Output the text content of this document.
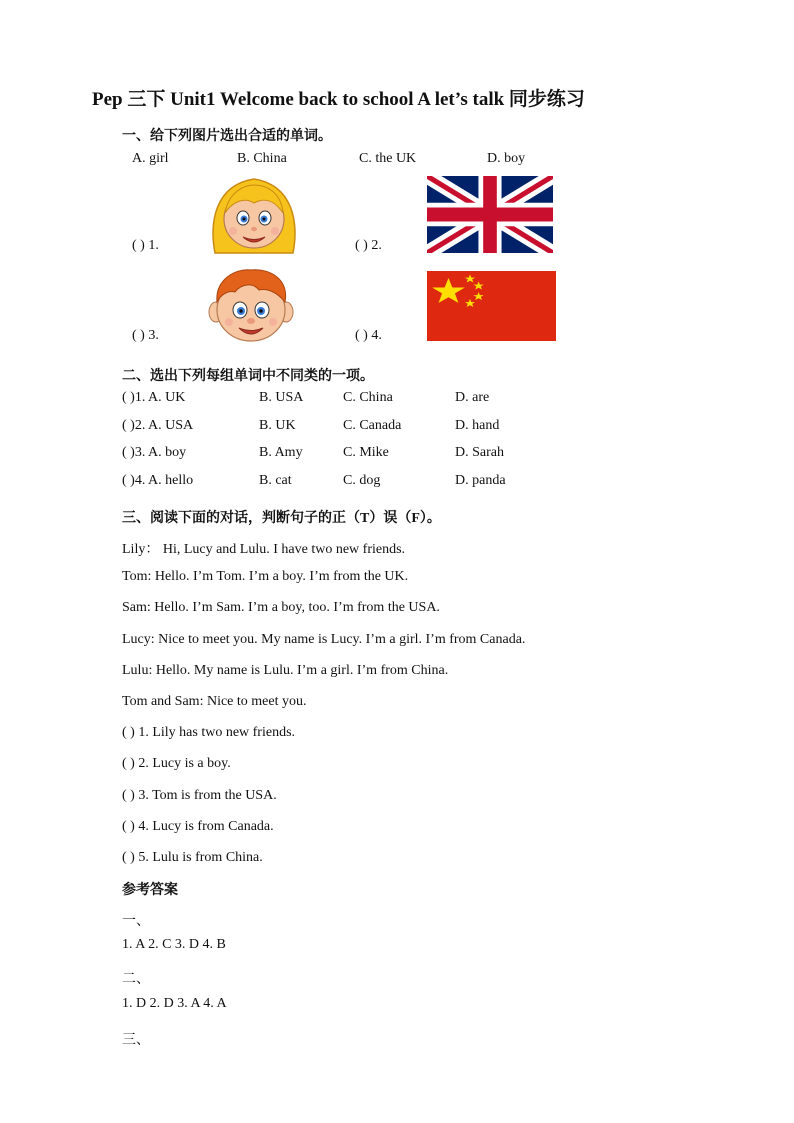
Pep 三下 Unit1 Welcome back to school A let’s talk 同步练习
一、给下列图片选出合适的单词。
A. girl	B. China	C. the UK	D. boy
( ) 1.	( ) 2.
( ) 3.	( ) 4.
二、选出下列每组单词中不同类的一项。
( )1. A. UK	B. USA	C. China	D. are
( )2. A. USA	B. UK	C. Canada	D. hand
( )3. A. boy	B. Amy	C. Mike	D. Sarah
( )4. A. hello	B. cat	C. dog	D. panda
三、阅读下面的对话，判断句子的正（T）误（F）。
Lily： Hi, Lucy and Lulu. I have two new friends.
Tom: Hello. I’m Tom. I’m a boy. I’m from the UK.
Sam: Hello. I’m Sam. I’m a boy, too. I’m from the USA.
Lucy: Nice to meet you. My name is Lucy. I’m a girl. I’m from Canada.
Lulu: Hello. My name is Lulu. I’m a girl. I’m from China.
Tom and Sam: Nice to meet you.
( ) 1. Lily has two new friends.
( ) 2. Lucy is a boy.
( ) 3. Tom is from the USA.
( ) 4. Lucy is from Canada.
( ) 5. Lulu is from China.
参考答案
一、
1. A 2. C 3. D 4. B
二、
1. D 2. D 3. A 4. A
三、
